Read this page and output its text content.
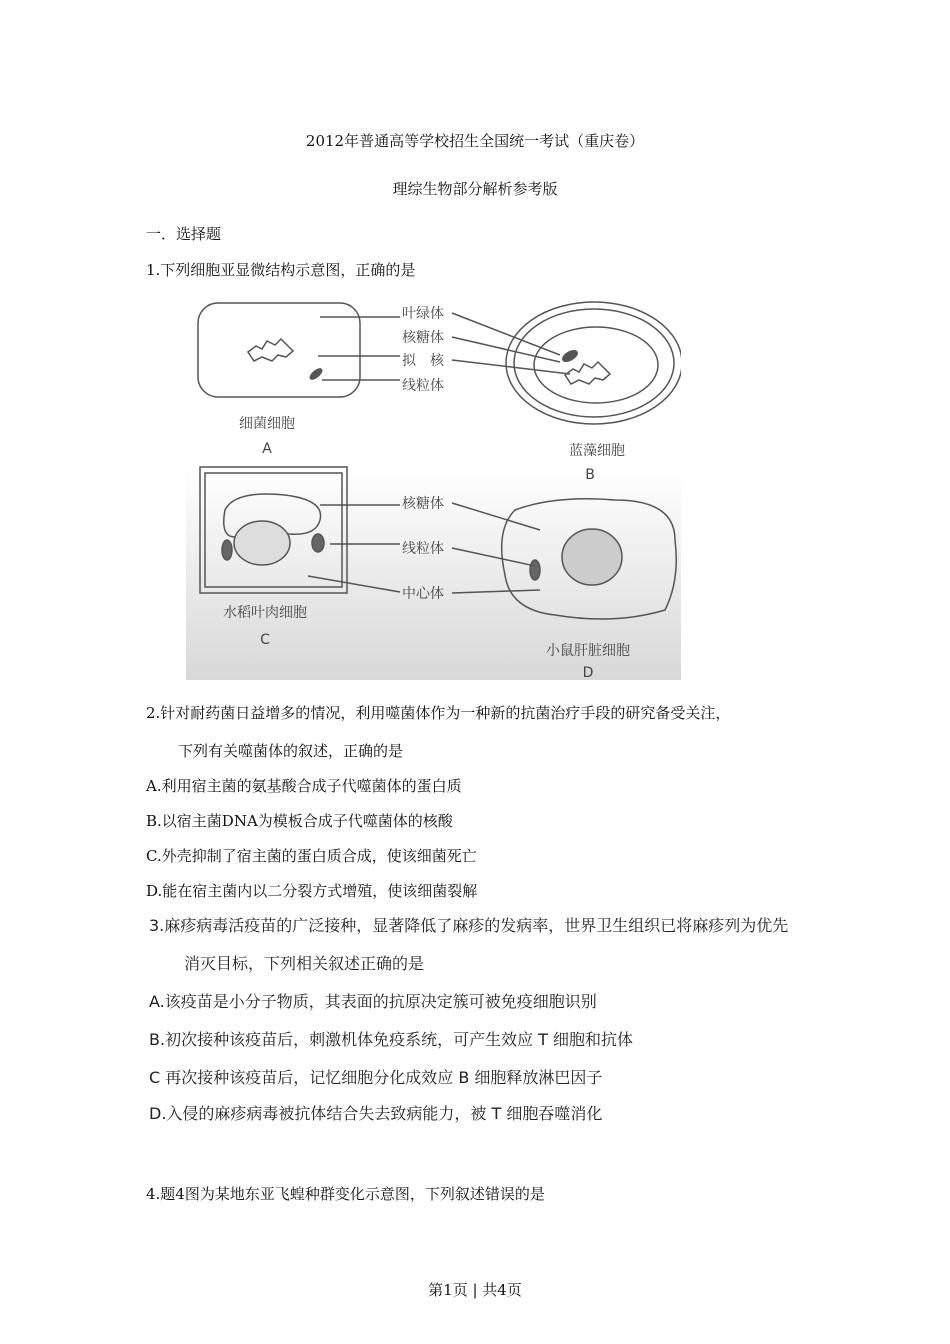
2012年普通高等学校招生全国统一考试（重庆卷）
理综生物部分解析参考版
一．选择题
1.下列细胞亚显微结构示意图，正确的是
叶绿体
核糖体
拟　核
线粒体
核糖体
线粒体
中心体
细菌细胞
A	蓝藻细胞
B
水稻叶肉细胞
C
小鼠肝脏细胞
D
2.针对耐药菌日益增多的情况，利用噬菌体作为一种新的抗菌治疗手段的研究备受关注，
下列有关噬菌体的叙述，正确的是
A.利用宿主菌的氨基酸合成子代噬菌体的蛋白质
B.以宿主菌DNA为模板合成子代噬菌体的核酸
C.外壳抑制了宿主菌的蛋白质合成，使该细菌死亡
D.能在宿主菌内以二分裂方式增殖，使该细菌裂解
3.麻疹病毒活疫苗的广泛接种，显著降低了麻疹的发病率，世界卫生组织已将麻疹列为优先
消灭目标，下列相关叙述正确的是
A.该疫苗是小分子物质，其表面的抗原决定簇可被免疫细胞识别
B.初次接种该疫苗后，刺激机体免疫系统，可产生效应 T 细胞和抗体
C 再次接种该疫苗后，记忆细胞分化成效应 B 细胞释放淋巴因子
D.入侵的麻疹病毒被抗体结合失去致病能力，被 T 细胞吞噬消化
4.题4图为某地东亚飞蝗种群变化示意图，下列叙述错误的是
第1页 | 共4页
